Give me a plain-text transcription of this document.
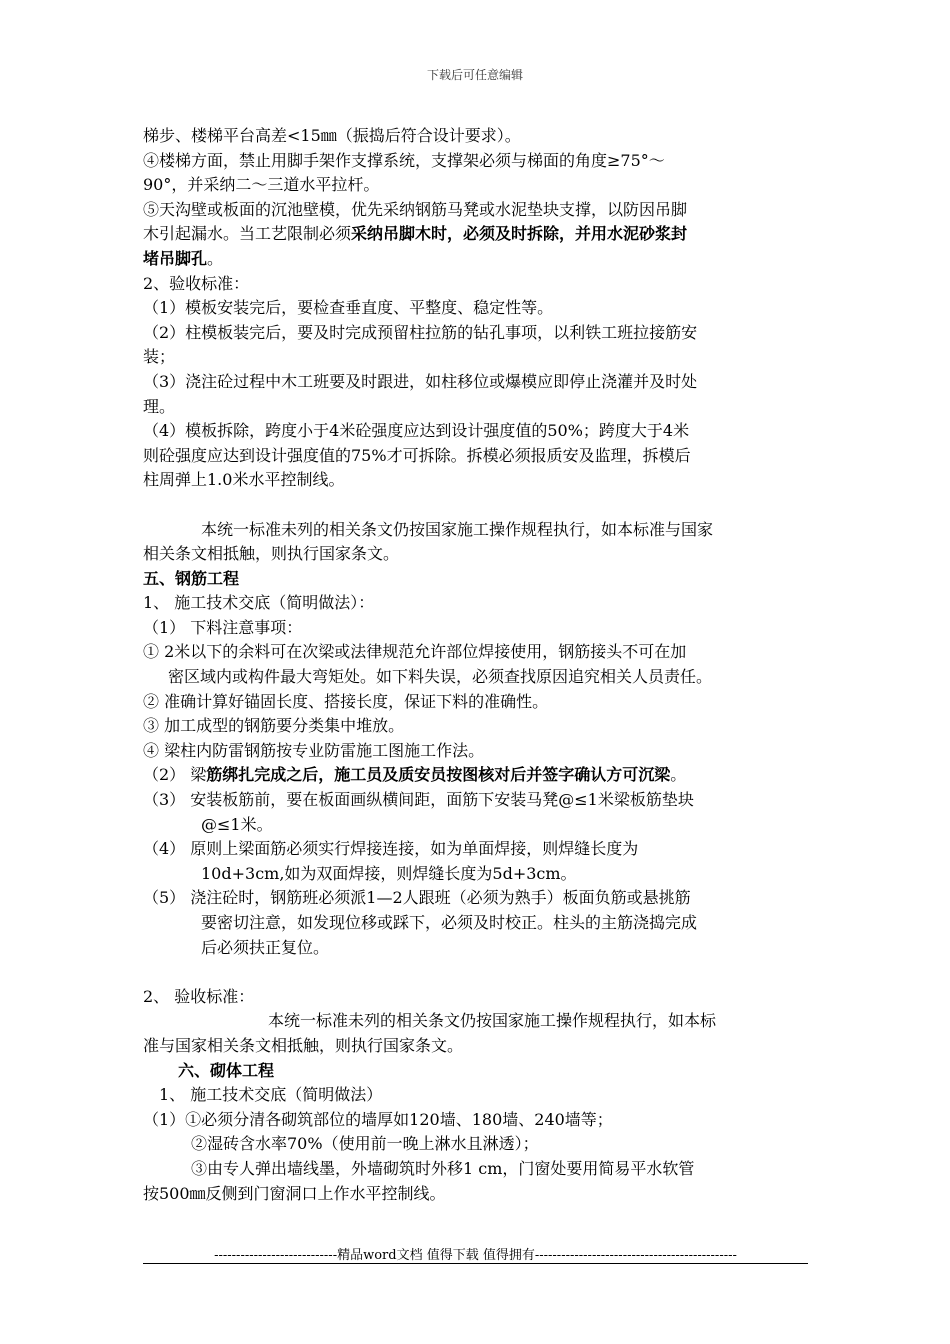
下载后可任意编辑

梯步、楼梯平台高差<15㎜（振捣后符合设计要求）。

④楼梯方面，禁止用脚手架作支撑系统，支撑架必须与梯面的角度≥75°～

90°，并采纳二～三道水平拉杆。

⑤天沟壁或板面的沉池壁模，优先采纳钢筋马凳或水泥垫块支撑，以防因吊脚

木引起漏水。当工艺限制必须采纳吊脚木时，必须及时拆除，并用水泥砂浆封

堵吊脚孔。

2、验收标准：

（1）模板安装完后，要检查垂直度、平整度、稳定性等。

（2）柱模板装完后，要及时完成预留柱拉筋的钻孔事项，以利铁工班拉接筋安

装；

（3）浇注砼过程中木工班要及时跟进，如柱移位或爆模应即停止浇灌并及时处

理。

（4）模板拆除，跨度小于4米砼强度应达到设计强度值的50%；跨度大于4米

则砼强度应达到设计强度值的75%才可拆除。拆模必须报质安及监理，拆模后

柱周弹上1.0米水平控制线。

本统一标准未列的相关条文仍按国家施工操作规程执行，如本标准与国家

相关条文相抵触，则执行国家条文。

五、钢筋工程

1、 施工技术交底（简明做法）：

（1） 下料注意事项：

① 2米以下的余料可在次梁或法律规范允许部位焊接使用，钢筋接头不可在加

密区域内或构件最大弯矩处。如下料失误，必须查找原因追究相关人员责任。

② 准确计算好锚固长度、搭接长度，保证下料的准确性。

③ 加工成型的钢筋要分类集中堆放。

④ 梁柱内防雷钢筋按专业防雷施工图施工作法。

（2） 梁筋绑扎完成之后，施工员及质安员按图核对后并签字确认方可沉梁。

（3） 安装板筋前，要在板面画纵横间距，面筋下安装马凳@≤1米梁板筋垫块

@≤1米。

（4） 原则上梁面筋必须实行焊接连接，如为单面焊接，则焊缝长度为

10d+3cm,如为双面焊接，则焊缝长度为5d+3cm。

（5） 浇注砼时，钢筋班必须派1—2人跟班（必须为熟手）板面负筋或悬挑筋

要密切注意，如发现位移或踩下，必须及时校正。柱头的主筋浇捣完成

后必须扶正复位。

2、 验收标准：

本统一标准未列的相关条文仍按国家施工操作规程执行，如本标

准与国家相关条文相抵触，则执行国家条文。

六、砌体工程

1、 施工技术交底（简明做法）

（1）①必须分清各砌筑部位的墙厚如120墙、180墙、240墙等；

②湿砖含水率70%（使用前一晚上淋水且淋透）；

③由专人弹出墙线墨，外墙砌筑时外移1 cm，门窗处要用简易平水软管

按500㎜反侧到门窗洞口上作水平控制线。

----------------------------精品word文档 值得下载 值得拥有----------------------------------------------
